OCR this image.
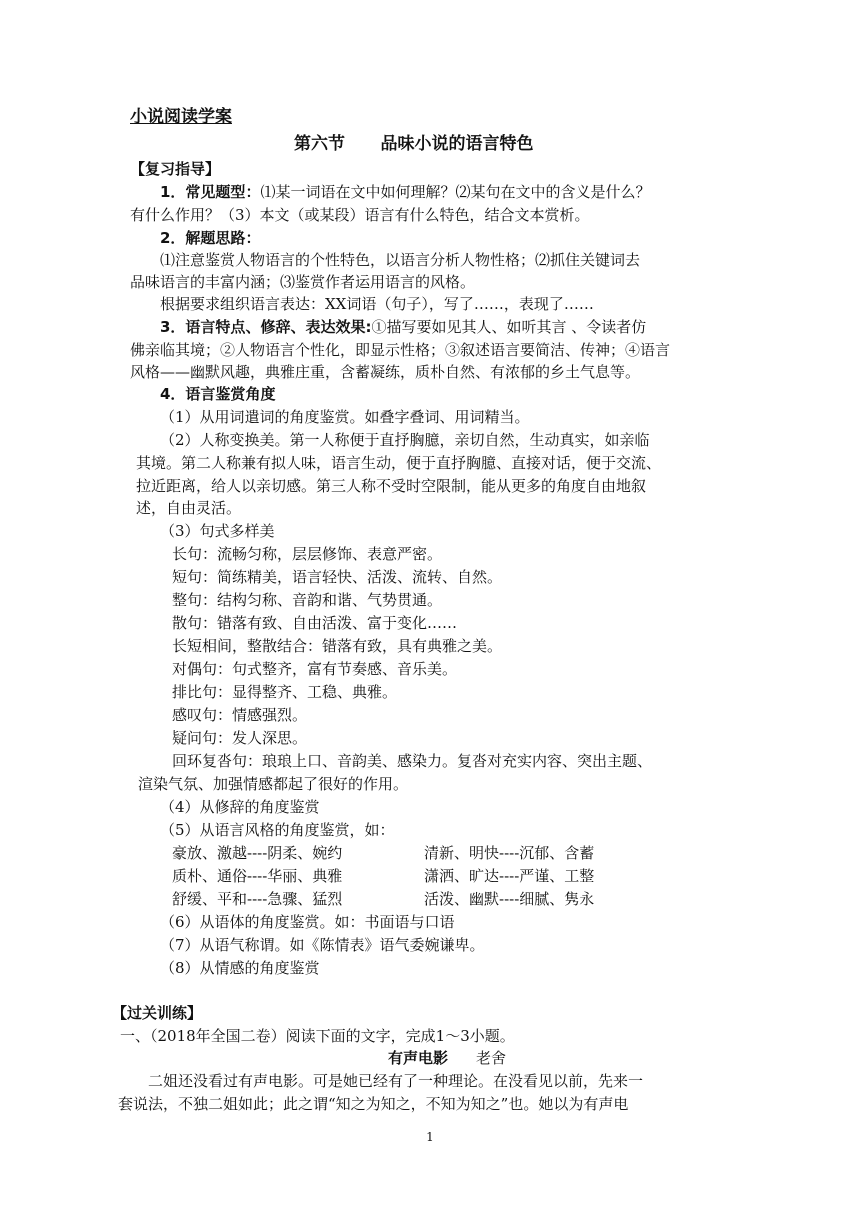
小说阅读学案
第六节      品味小说的语言特色
【复习指导】
1．常见题型：⑴某一词语在文中如何理解？⑵某句在文中的含义是什么？
有什么作用？（3）本文（或某段）语言有什么特色，结合文本赏析。
2．解题思路：
⑴注意鉴赏人物语言的个性特色，以语言分析人物性格；⑵抓住关键词去
品味语言的丰富内涵；⑶鉴赏作者运用语言的风格。
根据要求组织语言表达：XX词语（句子），写了……，表现了……
3．语言特点、修辞、表达效果:①描写要如见其人、如听其言 、令读者仿
佛亲临其境；②人物语言个性化，即显示性格；③叙述语言要简洁、传神；④语言
风格——幽默风趣，典雅庄重，含蓄凝练，质朴自然、有浓郁的乡土气息等。
4．语言鉴赏角度
（1）从用词遣词的角度鉴赏。如叠字叠词、用词精当。
（2）人称变换美。第一人称便于直抒胸臆，亲切自然，生动真实，如亲临
其境。第二人称兼有拟人味，语言生动，便于直抒胸臆、直接对话，便于交流、
拉近距离，给人以亲切感。第三人称不受时空限制，能从更多的角度自由地叙
述，自由灵活。
（3）句式多样美
长句：流畅匀称，层层修饰、表意严密。
短句：简练精美，语言轻快、活泼、流转、自然。
整句：结构匀称、音韵和谐、气势贯通。
散句：错落有致、自由活泼、富于变化……
长短相间，整散结合：错落有致，具有典雅之美。
对偶句：句式整齐，富有节奏感、音乐美。
排比句：显得整齐、工稳、典雅。
感叹句：情感强烈。
疑问句：发人深思。
回环复沓句：琅琅上口、音韵美、感染力。复沓对充实内容、突出主题、
渲染气氛、加强情感都起了很好的作用。
（4）从修辞的角度鉴赏
（5）从语言风格的角度鉴赏，如：
豪放、激越----阴柔、婉约	清新、明快----沉郁、含蓄
质朴、通俗----华丽、典雅	潇洒、旷达----严谨、工整
舒缓、平和----急骤、猛烈	活泼、幽默----细腻、隽永
（6）从语体的角度鉴赏。如：书面语与口语
（7）从语气称谓。如《陈情表》语气委婉谦卑。
（8）从情感的角度鉴赏
【过关训练】
一、（2018年全国二卷）阅读下面的文字，完成1～3小题。
有声电影 老舍
二姐还没看过有声电影。可是她已经有了一种理论。在没看见以前，先来一
套说法，不独二姐如此；此之谓“知之为知之，不知为知之”也。她以为有声电
1
